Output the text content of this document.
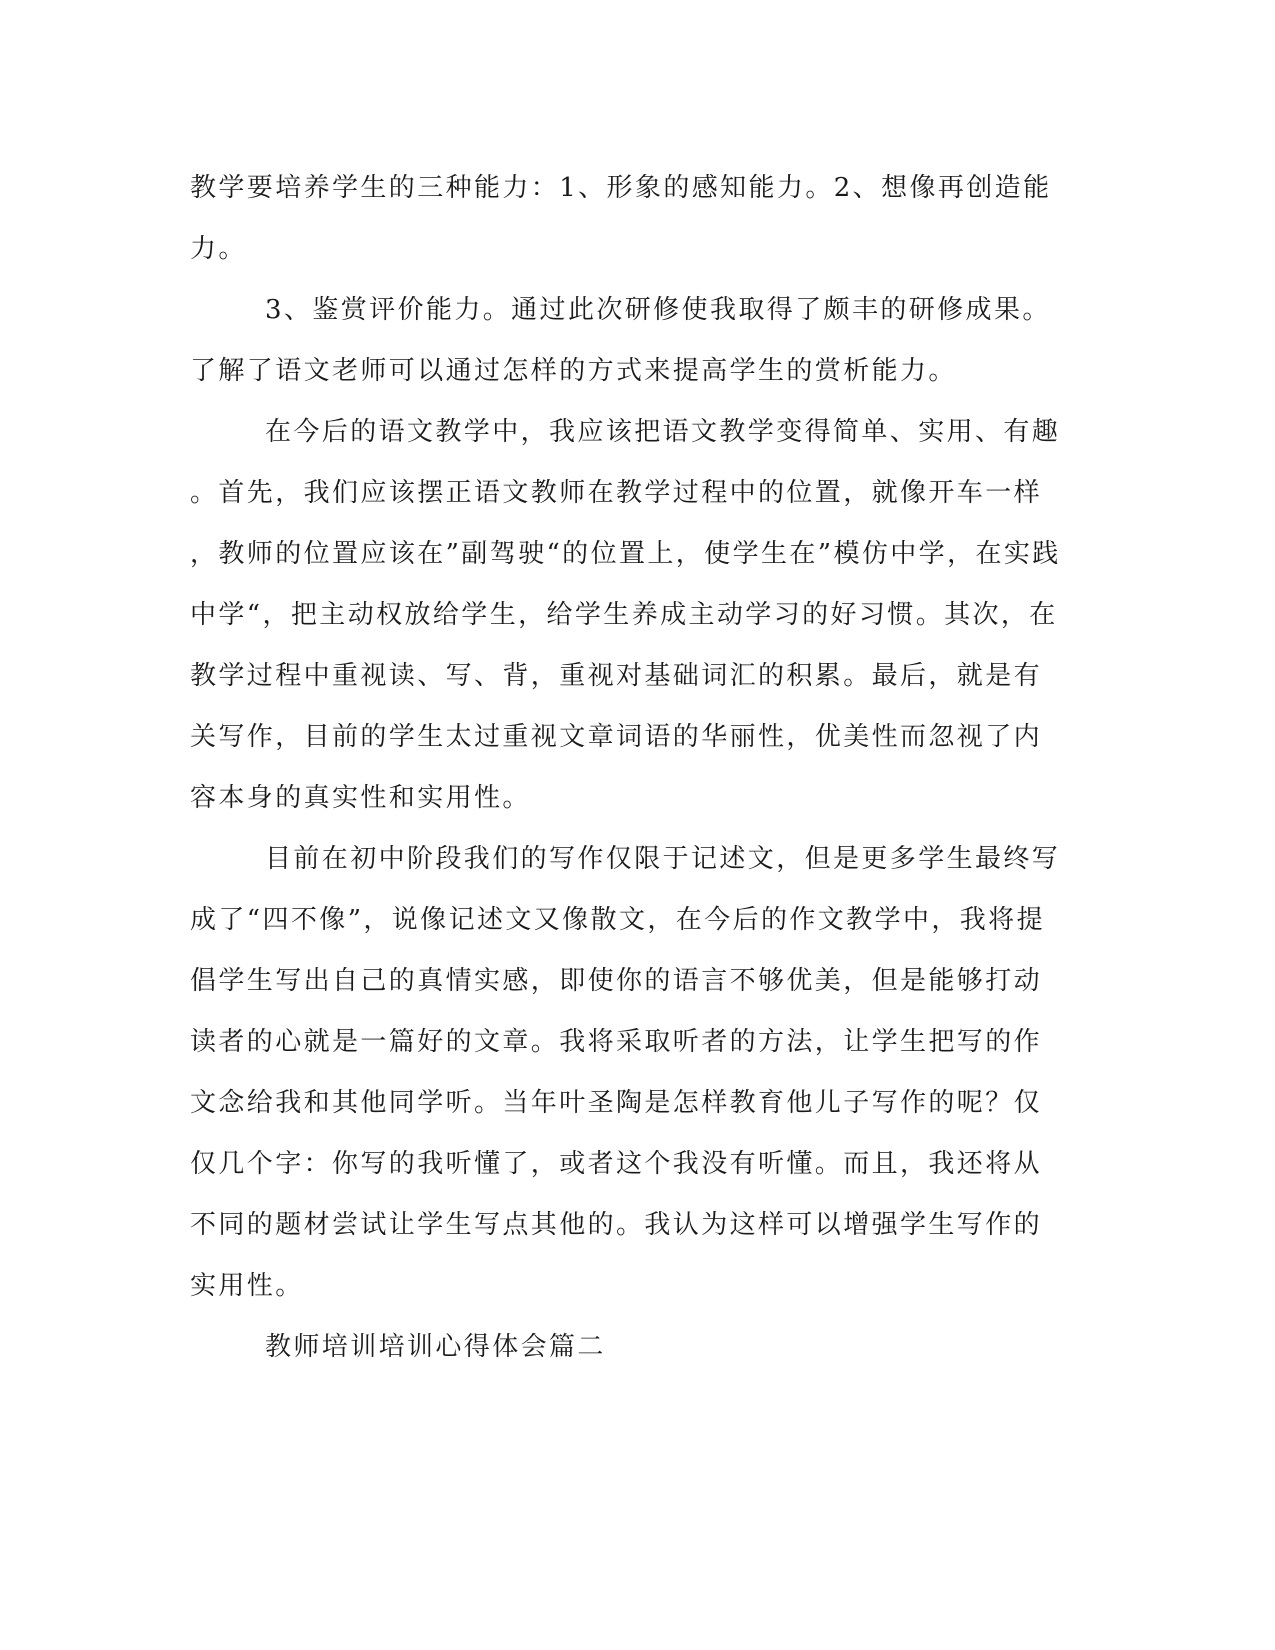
教学要培养学生的三种能力：1、形象的感知能力。2、想像再创造能
力。
3、鉴赏评价能力。通过此次研修使我取得了颇丰的研修成果。
了解了语文老师可以通过怎样的方式来提高学生的赏析能力。
在今后的语文教学中，我应该把语文教学变得简单、实用、有趣
。首先，我们应该摆正语文教师在教学过程中的位置，就像开车一样
，教师的位置应该在”副驾驶“的位置上，使学生在”模仿中学，在实践
中学“，把主动权放给学生，给学生养成主动学习的好习惯。其次，在
教学过程中重视读、写、背，重视对基础词汇的积累。最后，就是有
关写作，目前的学生太过重视文章词语的华丽性，优美性而忽视了内
容本身的真实性和实用性。
目前在初中阶段我们的写作仅限于记述文，但是更多学生最终写
成了“四不像”，说像记述文又像散文，在今后的作文教学中，我将提
倡学生写出自己的真情实感，即使你的语言不够优美，但是能够打动
读者的心就是一篇好的文章。我将采取听者的方法，让学生把写的作
文念给我和其他同学听。当年叶圣陶是怎样教育他儿子写作的呢？仅
仅几个字：你写的我听懂了，或者这个我没有听懂。而且，我还将从
不同的题材尝试让学生写点其他的。我认为这样可以增强学生写作的
实用性。
教师培训培训心得体会篇二
